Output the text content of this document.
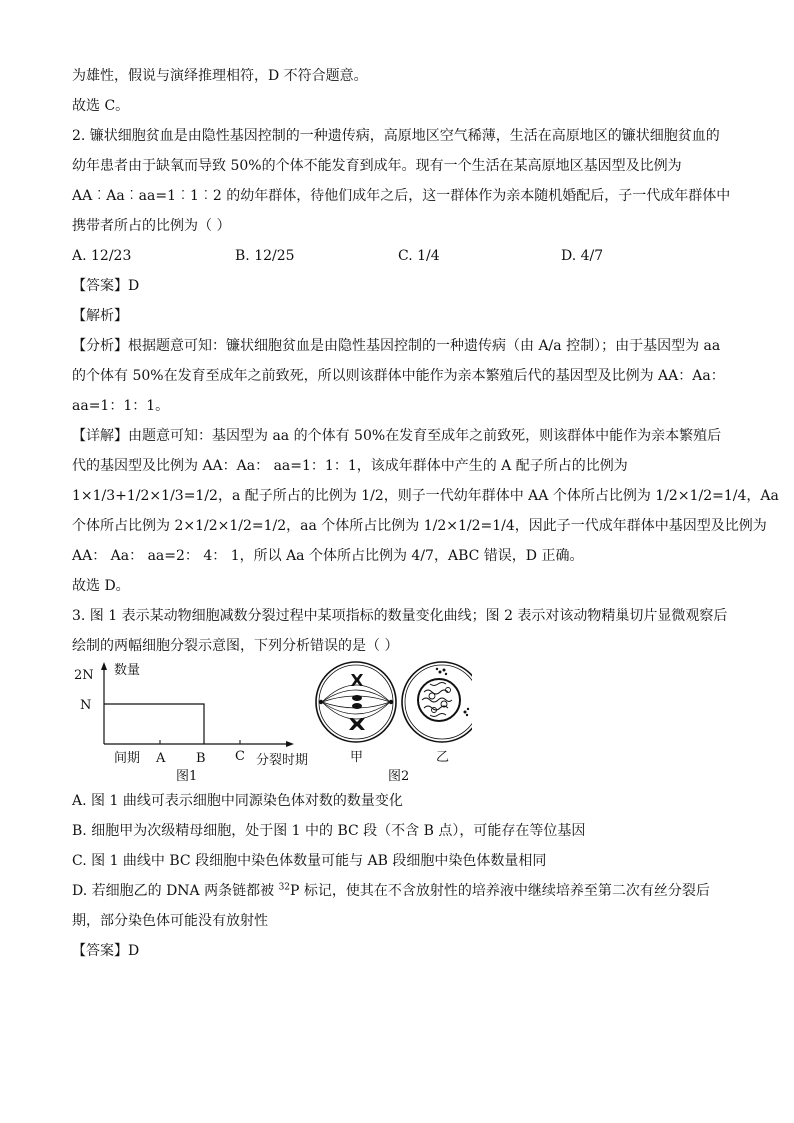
为雄性，假说与演绎推理相符，D 不符合题意。

故选 C。

2. 镰状细胞贫血是由隐性基因控制的一种遗传病，高原地区空气稀薄，生活在高原地区的镰状细胞贫血的

幼年患者由于缺氧而导致 50%的个体不能发育到成年。现有一个生活在某高原地区基因型及比例为

AA︰Aa︰aa=1︰1︰2 的幼年群体，待他们成年之后，这一群体作为亲本随机婚配后，子一代成年群体中

携带者所占的比例为（ ）

A. 12/23	B. 12/25	C. 1/4	D. 4/7

【答案】D

【解析】

【分析】根据题意可知：镰状细胞贫血是由隐性基因控制的一种遗传病（由 A/a 控制）；由于基因型为 aa

的个体有 50%在发育至成年之前致死，所以则该群体中能作为亲本繁殖后代的基因型及比例为 AA：Aa：

aa=1：1：1。

【详解】由题意可知：基因型为 aa 的个体有 50%在发育至成年之前致死，则该群体中能作为亲本繁殖后

代的基因型及比例为 AA：Aa： aa=1：1：1，该成年群体中产生的 A 配子所占的比例为

1×1/3+1/2×1/3=1/2，a 配子所占的比例为 1/2，则子一代幼年群体中 AA 个体所占比例为 1/2×1/2=1/4，Aa

个体所占比例为 2×1/2×1/2=1/2，aa 个体所占比例为 1/2×1/2=1/4，因此子一代成年群体中基因型及比例为

AA： Aa： aa=2： 4： 1，所以 Aa 个体所占比例为 4/7，ABC 错误，D 正确。

故选 D。

3. 图 1 表示某动物细胞减数分裂过程中某项指标的数量变化曲线；图 2 表示对该动物精巢切片显微观察后

绘制的两幅细胞分裂示意图，下列分析错误的是（ ）

数量
2N
N
间期 A B C 分裂时期
图1
甲	乙
图2

A. 图 1 曲线可表示细胞中同源染色体对数的数量变化

B. 细胞甲为次级精母细胞，处于图 1 中的 BC 段（不含 B 点），可能存在等位基因

C. 图 1 曲线中 BC 段细胞中染色体数量可能与 AB 段细胞中染色体数量相同

D. 若细胞乙的 DNA 两条链都被 $^{32}$P 标记，使其在不含放射性的培养液中继续培养至第二次有丝分裂后

期，部分染色体可能没有放射性

【答案】D
